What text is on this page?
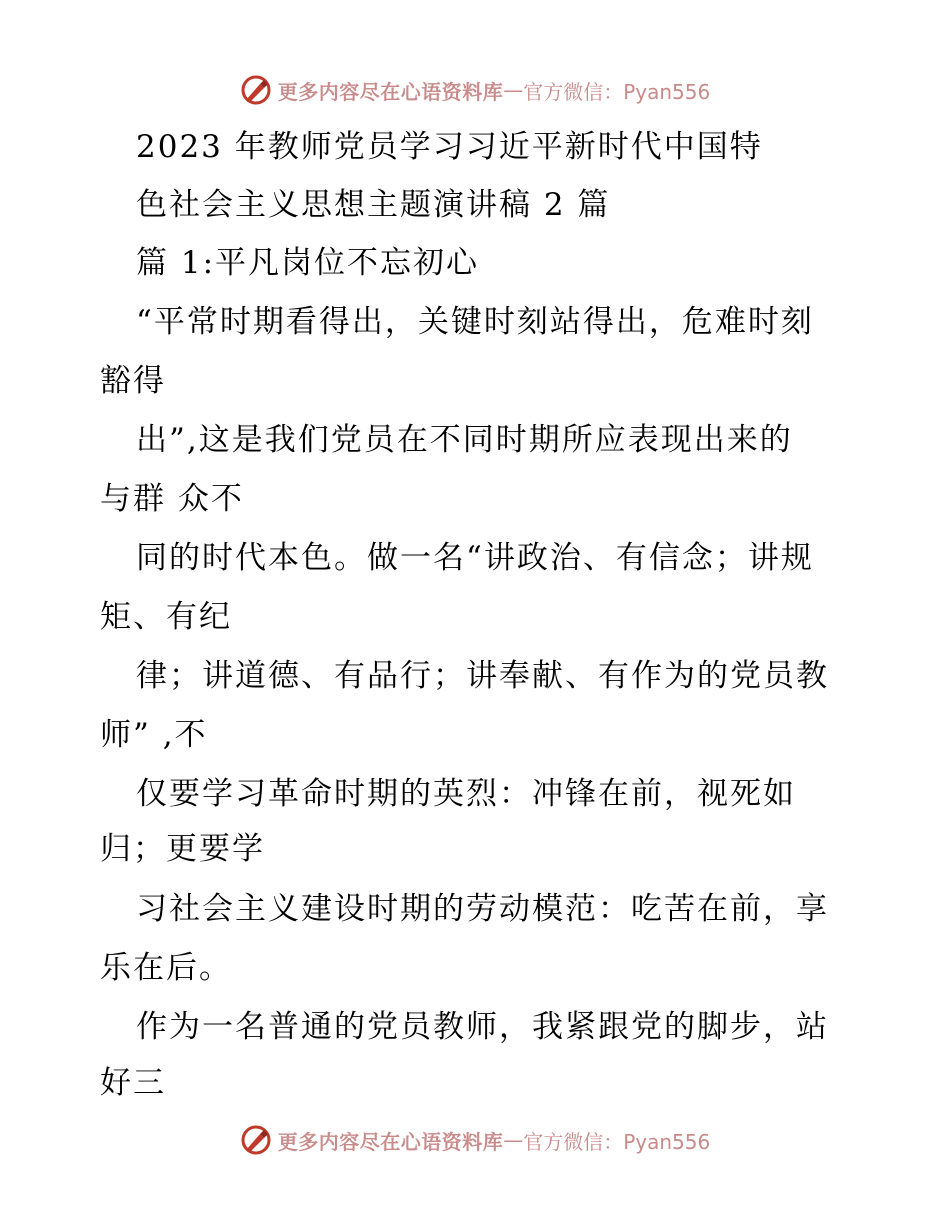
更多内容尽在心语资料库 — 官方微信：Pyan556
2023 年教师党员学习习近平新时代中国特
色社会主义思想主题演讲稿 2 篇
篇 1:平凡岗位不忘初心
“平常时期看得出，关键时刻站得出，危难时刻
豁得
出”,这是我们党员在不同时期所应表现出来的
与群 众不
同的时代本色。做一名“讲政治、有信念；讲规
矩、有纪
律；讲道德、有品行；讲奉献、有作为的党员教
师” ,不
仅要学习革命时期的英烈：冲锋在前，视死如
归；更要学
习社会主义建设时期的劳动模范：吃苦在前，享
乐在后。
作为一名普通的党员教师，我紧跟党的脚步，站
好三
更多内容尽在心语资料库 — 官方微信：Pyan556
